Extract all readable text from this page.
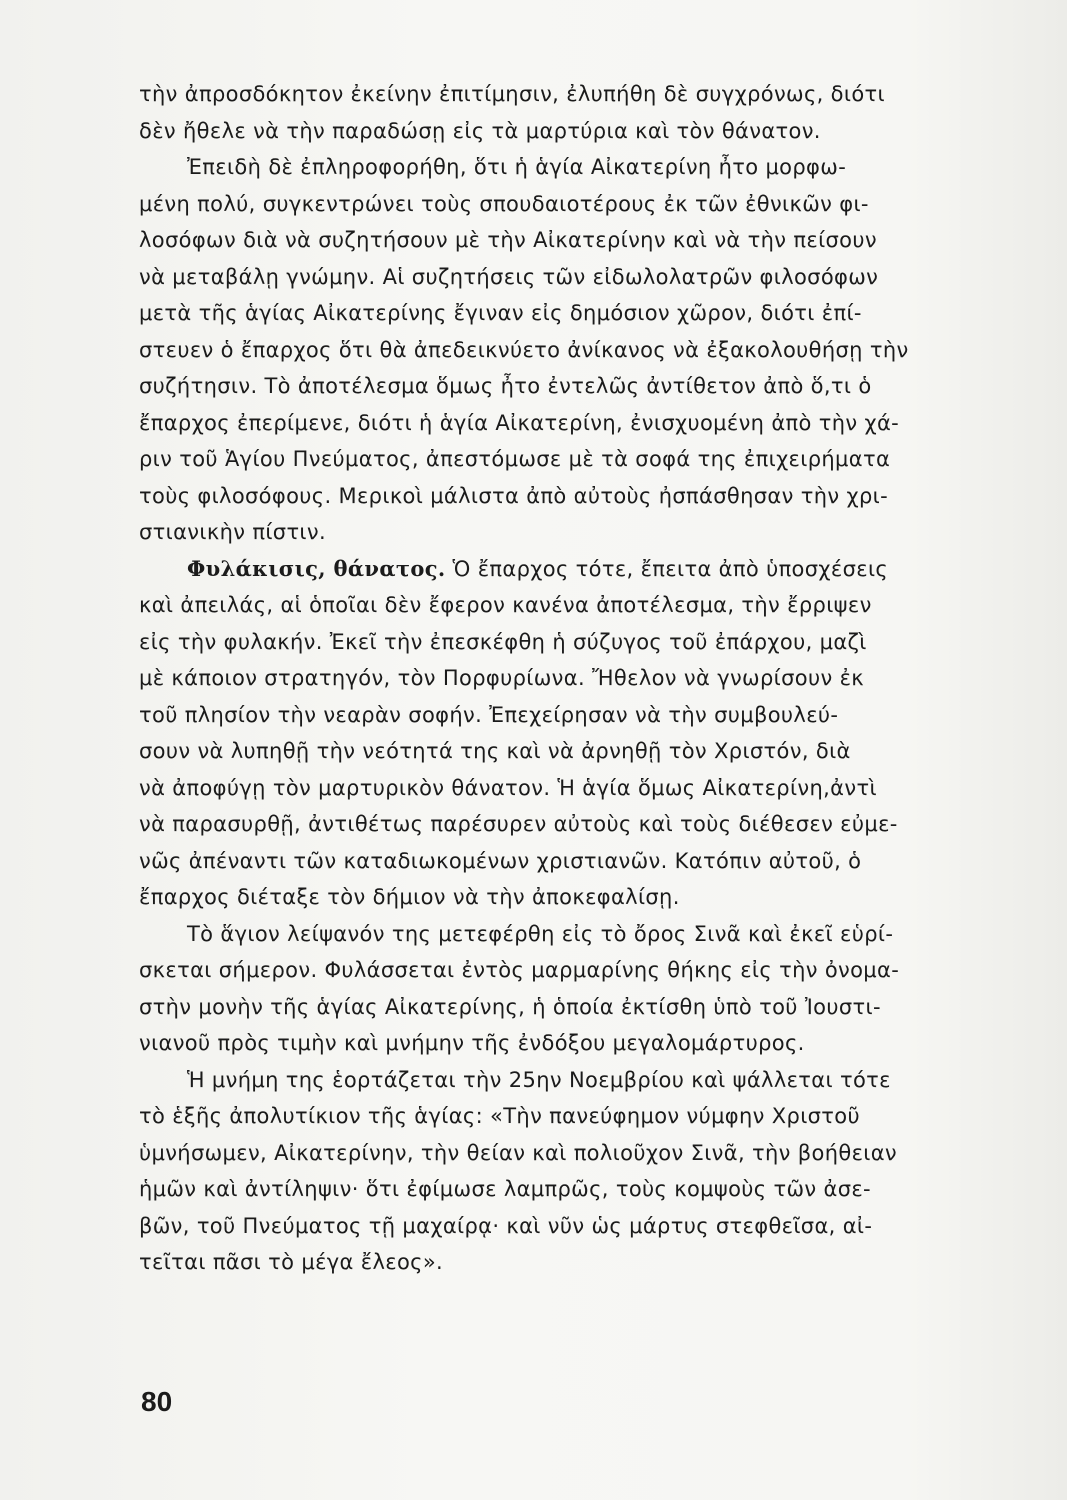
τὴν ἀπροσδόκητον ἐκείνην ἐπιτίμησιν, ἐλυπήθη δὲ συγχρόνως, διότι
δὲν ἤθελε νὰ τὴν παραδώσῃ εἰς τὰ μαρτύρια καὶ τὸν θάνατον.
Ἐπειδὴ δὲ ἐπληροφορήθη, ὅτι ἡ ἁγία Αἰκατερίνη ἦτο μορφω-
μένη πολύ, συγκεντρώνει τοὺς σπουδαιοτέρους ἐκ τῶν ἐθνικῶν φι-
λοσόφων διὰ νὰ συζητήσουν μὲ τὴν Αἰκατερίνην καὶ νὰ τὴν πείσουν
νὰ μεταβάλῃ γνώμην. Αἱ συζητήσεις τῶν εἰδωλολατρῶν φιλοσόφων
μετὰ τῆς ἁγίας Αἰκατερίνης ἔγιναν εἰς δημόσιον χῶρον, διότι ἐπί-
στευεν ὁ ἔπαρχος ὅτι θὰ ἀπεδεικνύετο ἀνίκανος νὰ ἐξακολουθήσῃ τὴν
συζήτησιν. Τὸ ἀποτέλεσμα ὅμως ἦτο ἐντελῶς ἀντίθετον ἀπὸ ὅ,τι ὁ
ἔπαρχος ἐπερίμενε, διότι ἡ ἁγία Αἰκατερίνη, ἐνισχυομένη ἀπὸ τὴν χά-
ριν τοῦ Ἁγίου Πνεύματος, ἀπεστόμωσε μὲ τὰ σοφά της ἐπιχειρήματα
τοὺς φιλοσόφους. Μερικοὶ μάλιστα ἀπὸ αὐτοὺς ἠσπάσθησαν τὴν χρι-
στιανικὴν πίστιν.
Φυλάκισις, θάνατος. Ὁ ἔπαρχος τότε, ἔπειτα ἀπὸ ὑποσχέσεις
καὶ ἀπειλάς, αἱ ὁποῖαι δὲν ἔφερον κανένα ἀποτέλεσμα, τὴν ἔρριψεν
εἰς τὴν φυλακήν. Ἐκεῖ τὴν ἐπεσκέφθη ἡ σύζυγος τοῦ ἐπάρχου, μαζὶ
μὲ κάποιον στρατηγόν, τὸν Πορφυρίωνα. Ἤθελον νὰ γνωρίσουν ἐκ
τοῦ πλησίον τὴν νεαρὰν σοφήν. Ἐπεχείρησαν νὰ τὴν συμβουλεύ-
σουν νὰ λυπηθῇ τὴν νεότητά της καὶ νὰ ἀρνηθῇ τὸν Χριστόν, διὰ
νὰ ἀποφύγῃ τὸν μαρτυρικὸν θάνατον. Ἡ ἁγία ὅμως Αἰκατερίνη,ἀντὶ
νὰ παρασυρθῇ, ἀντιθέτως παρέσυρεν αὐτοὺς καὶ τοὺς διέθεσεν εὐμε-
νῶς ἀπέναντι τῶν καταδιωκομένων χριστιανῶν. Κατόπιν αὐτοῦ, ὁ
ἔπαρχος διέταξε τὸν δήμιον νὰ τὴν ἀποκεφαλίσῃ.
Τὸ ἅγιον λείψανόν της μετεφέρθη εἰς τὸ ὄρος Σινᾶ καὶ ἐκεῖ εὑρί-
σκεται σήμερον. Φυλάσσεται ἐντὸς μαρμαρίνης θήκης εἰς τὴν ὀνομα-
στὴν μονὴν τῆς ἁγίας Αἰκατερίνης, ἡ ὁποία ἐκτίσθη ὑπὸ τοῦ Ἰουστι-
νιανοῦ πρὸς τιμὴν καὶ μνήμην τῆς ἐνδόξου μεγαλομάρτυρος.
Ἡ μνήμη της ἑορτάζεται τὴν 25ην Νοεμβρίου καὶ ψάλλεται τότε
τὸ ἑξῆς ἀπολυτίκιον τῆς ἁγίας: «Τὴν πανεύφημον νύμφην Χριστοῦ
ὑμνήσωμεν, Αἰκατερίνην, τὴν θείαν καὶ πολιοῦχον Σινᾶ, τὴν βοήθειαν
ἡμῶν καὶ ἀντίληψιν· ὅτι ἐφίμωσε λαμπρῶς, τοὺς κομψοὺς τῶν ἀσε-
βῶν, τοῦ Πνεύματος τῇ μαχαίρᾳ· καὶ νῦν ὡς μάρτυς στεφθεῖσα, αἰ-
τεῖται πᾶσι τὸ μέγα ἔλεος».
80
